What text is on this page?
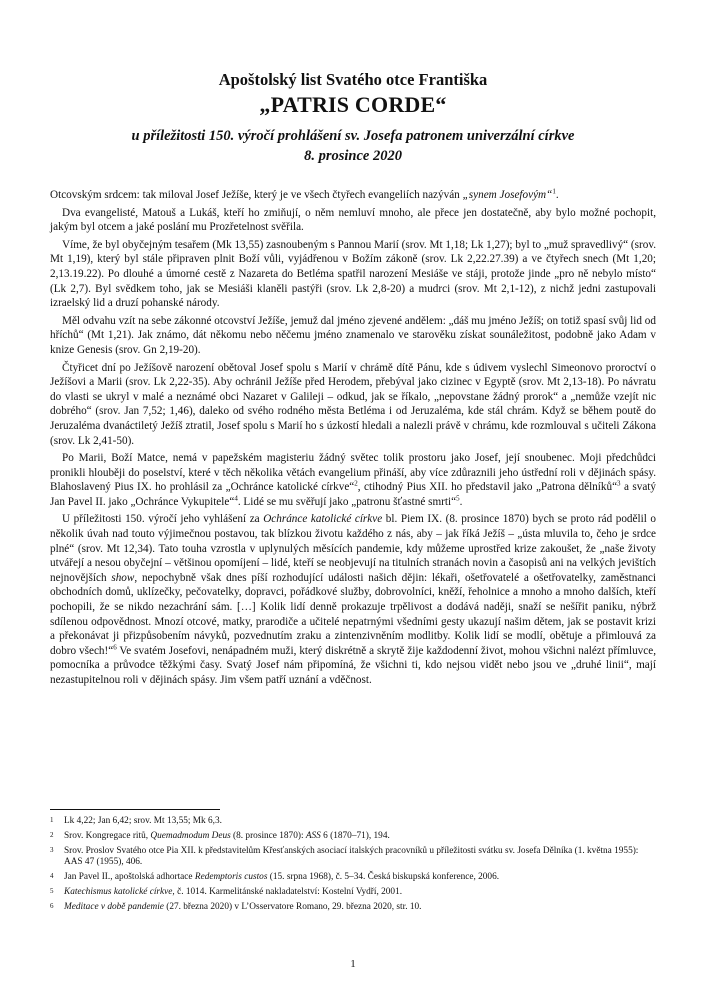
Apoštolský list Svatého otce Františka
„PATRIS CORDE“
u příležitosti 150. výročí prohlášení sv. Josefa patronem univerzální církve
8. prosince 2020

Otcovským srdcem: tak miloval Josef Ježíše, který je ve všech čtyřech evangeliích nazýván „synem Josefovým“$^1$.

Dva evangelisté, Matouš a Lukáš, kteří ho zmiňují, o něm nemluví mnoho, ale přece jen dostatečně, aby bylo možné pochopit, jakým byl otcem a jaké poslání mu Prozřetelnost svěřila.

Víme, že byl obyčejným tesařem (Mk 13,55) zasnoubeným s Pannou Marií (srov. Mt 1,18; Lk 1,27); byl to „muž spravedlivý“ (srov. Mt 1,19), který byl stále připraven plnit Boží vůli, vyjádřenou v Božím zákoně (srov. Lk 2,22.27.39) a ve čtyřech snech (Mt 1,20; 2,13.19.22). Po dlouhé a úmorné cestě z Nazareta do Betléma spatřil narození Mesiáše ve stáji, protože jinde „pro ně nebylo místo“ (Lk 2,7). Byl svědkem toho, jak se Mesiáši klaněli pastýři (srov. Lk 2,8-20) a mudrci (srov. Mt 2,1-12), z nichž jedni zastupovali izraelský lid a druzí pohanské národy.

Měl odvahu vzít na sebe zákonné otcovství Ježíše, jemuž dal jméno zjevené andělem: „dáš mu jméno Ježíš; on totiž spasí svůj lid od hříchů“ (Mt 1,21). Jak známo, dát někomu nebo něčemu jméno znamenalo ve starověku získat sounáležitost, podobně jako Adam v knize Genesis (srov. Gn 2,19-20).

Čtyřicet dní po Ježíšově narození obětoval Josef spolu s Marií v chrámě dítě Pánu, kde s údivem vyslechl Simeonovo proroctví o Ježíšovi a Marii (srov. Lk 2,22-35). Aby ochránil Ježíše před Herodem, přebýval jako cizinec v Egyptě (srov. Mt 2,13-18). Po návratu do vlasti se ukryl v malé a neznámé obci Nazaret v Galileji – odkud, jak se říkalo, „nepovstane žádný prorok“ a „nemůže vzejít nic dobrého“ (srov. Jan 7,52; 1,46), daleko od svého rodného města Betléma i od Jeruzaléma, kde stál chrám. Když se během poutě do Jeruzaléma dvanáctiletý Ježíš ztratil, Josef spolu s Marií ho s úzkostí hledali a nalezli právě v chrámu, kde rozmlouval s učiteli Zákona (srov. Lk 2,41-50).

Po Marii, Boží Matce, nemá v papežském magisteriu žádný světec tolik prostoru jako Josef, její snoubenec. Moji předchůdci pronikli hlouběji do poselství, které v těch několika větách evangelium přináší, aby více zdůraznili jeho ústřední roli v dějinách spásy. Blahoslavený Pius IX. ho prohlásil za „Ochránce katolické církve“$^2$, ctihodný Pius XII. ho představil jako „Patrona dělníků“$^3$ a svatý Jan Pavel II. jako „Ochránce Vykupitele“$^4$. Lidé se mu svěřují jako „patronu šťastné smrti“$^5$.

U příležitosti 150. výročí jeho vyhlášení za Ochránce katolické církve bl. Piem IX. (8. prosince 1870) bych se proto rád podělil o několik úvah nad touto výjimečnou postavou, tak blízkou životu každého z nás, aby – jak říká Ježíš – „ústa mluvila to, čeho je srdce plné“ (srov. Mt 12,34). Tato touha vzrostla v uplynulých měsících pandemie, kdy můžeme uprostřed krize zakoušet, že „naše životy utvářejí a nesou obyčejní – většinou opomíjení – lidé, kteří se neobjevují na titulních stranách novin a časopisů ani na velkých jevištích nejnovějších show, nepochybně však dnes píší rozhodující události našich dějin: lékaři, ošetřovatelé a ošetřovatelky, zaměstnanci obchodních domů, uklízečky, pečovatelky, dopravci, pořádkové služby, dobrovolníci, kněží, řeholnice a mnoho a mnoho dalších, kteří pochopili, že se nikdo nezachrání sám. […] Kolik lidí denně prokazuje trpělivost a dodává naději, snaží se nešířit paniku, nýbrž sdílenou odpovědnost. Mnozí otcové, matky, prarodiče a učitelé nepatrnými všedními gesty ukazují našim dětem, jak se postavit krizi a překonávat ji přizpůsobením návyků, pozvednutím zraku a zintenzivněním modlitby. Kolik lidí se modlí, obětuje a přimlouvá za dobro všech!“$^6$ Ve svatém Josefovi, nenápadném muži, který diskrétně a skrytě žije každodenní život, mohou všichni nalézt přímluvce, pomocníka a průvodce těžkými časy. Svatý Josef nám připomíná, že všichni ti, kdo nejsou vidět nebo jsou ve „druhé linii“, mají nezastupitelnou roli v dějinách spásy. Jim všem patří uznání a vděčnost.

1	Lk 4,22; Jan 6,42; srov. Mt 13,55; Mk 6,3.
2	Srov. Kongregace ritů, Quemadmodum Deus (8. prosince 1870): ASS 6 (1870–71), 194.
3	Srov. Proslov Svatého otce Pia XII. k představitelům Křesťanských asociací italských pracovníků u příležitosti svátku sv. Josefa Dělníka (1. května 1955): AAS 47 (1955), 406.
4	Jan Pavel II., apoštolská adhortace Redemptoris custos (15. srpna 1968), č. 5–34. Česká biskupská konference, 2006.
5	Katechismus katolické církve, č. 1014. Karmelitánské nakladatelství: Kostelní Vydří, 2001.
6	Meditace v době pandemie (27. března 2020) v L’Osservatore Romano, 29. března 2020, str. 10.
1
